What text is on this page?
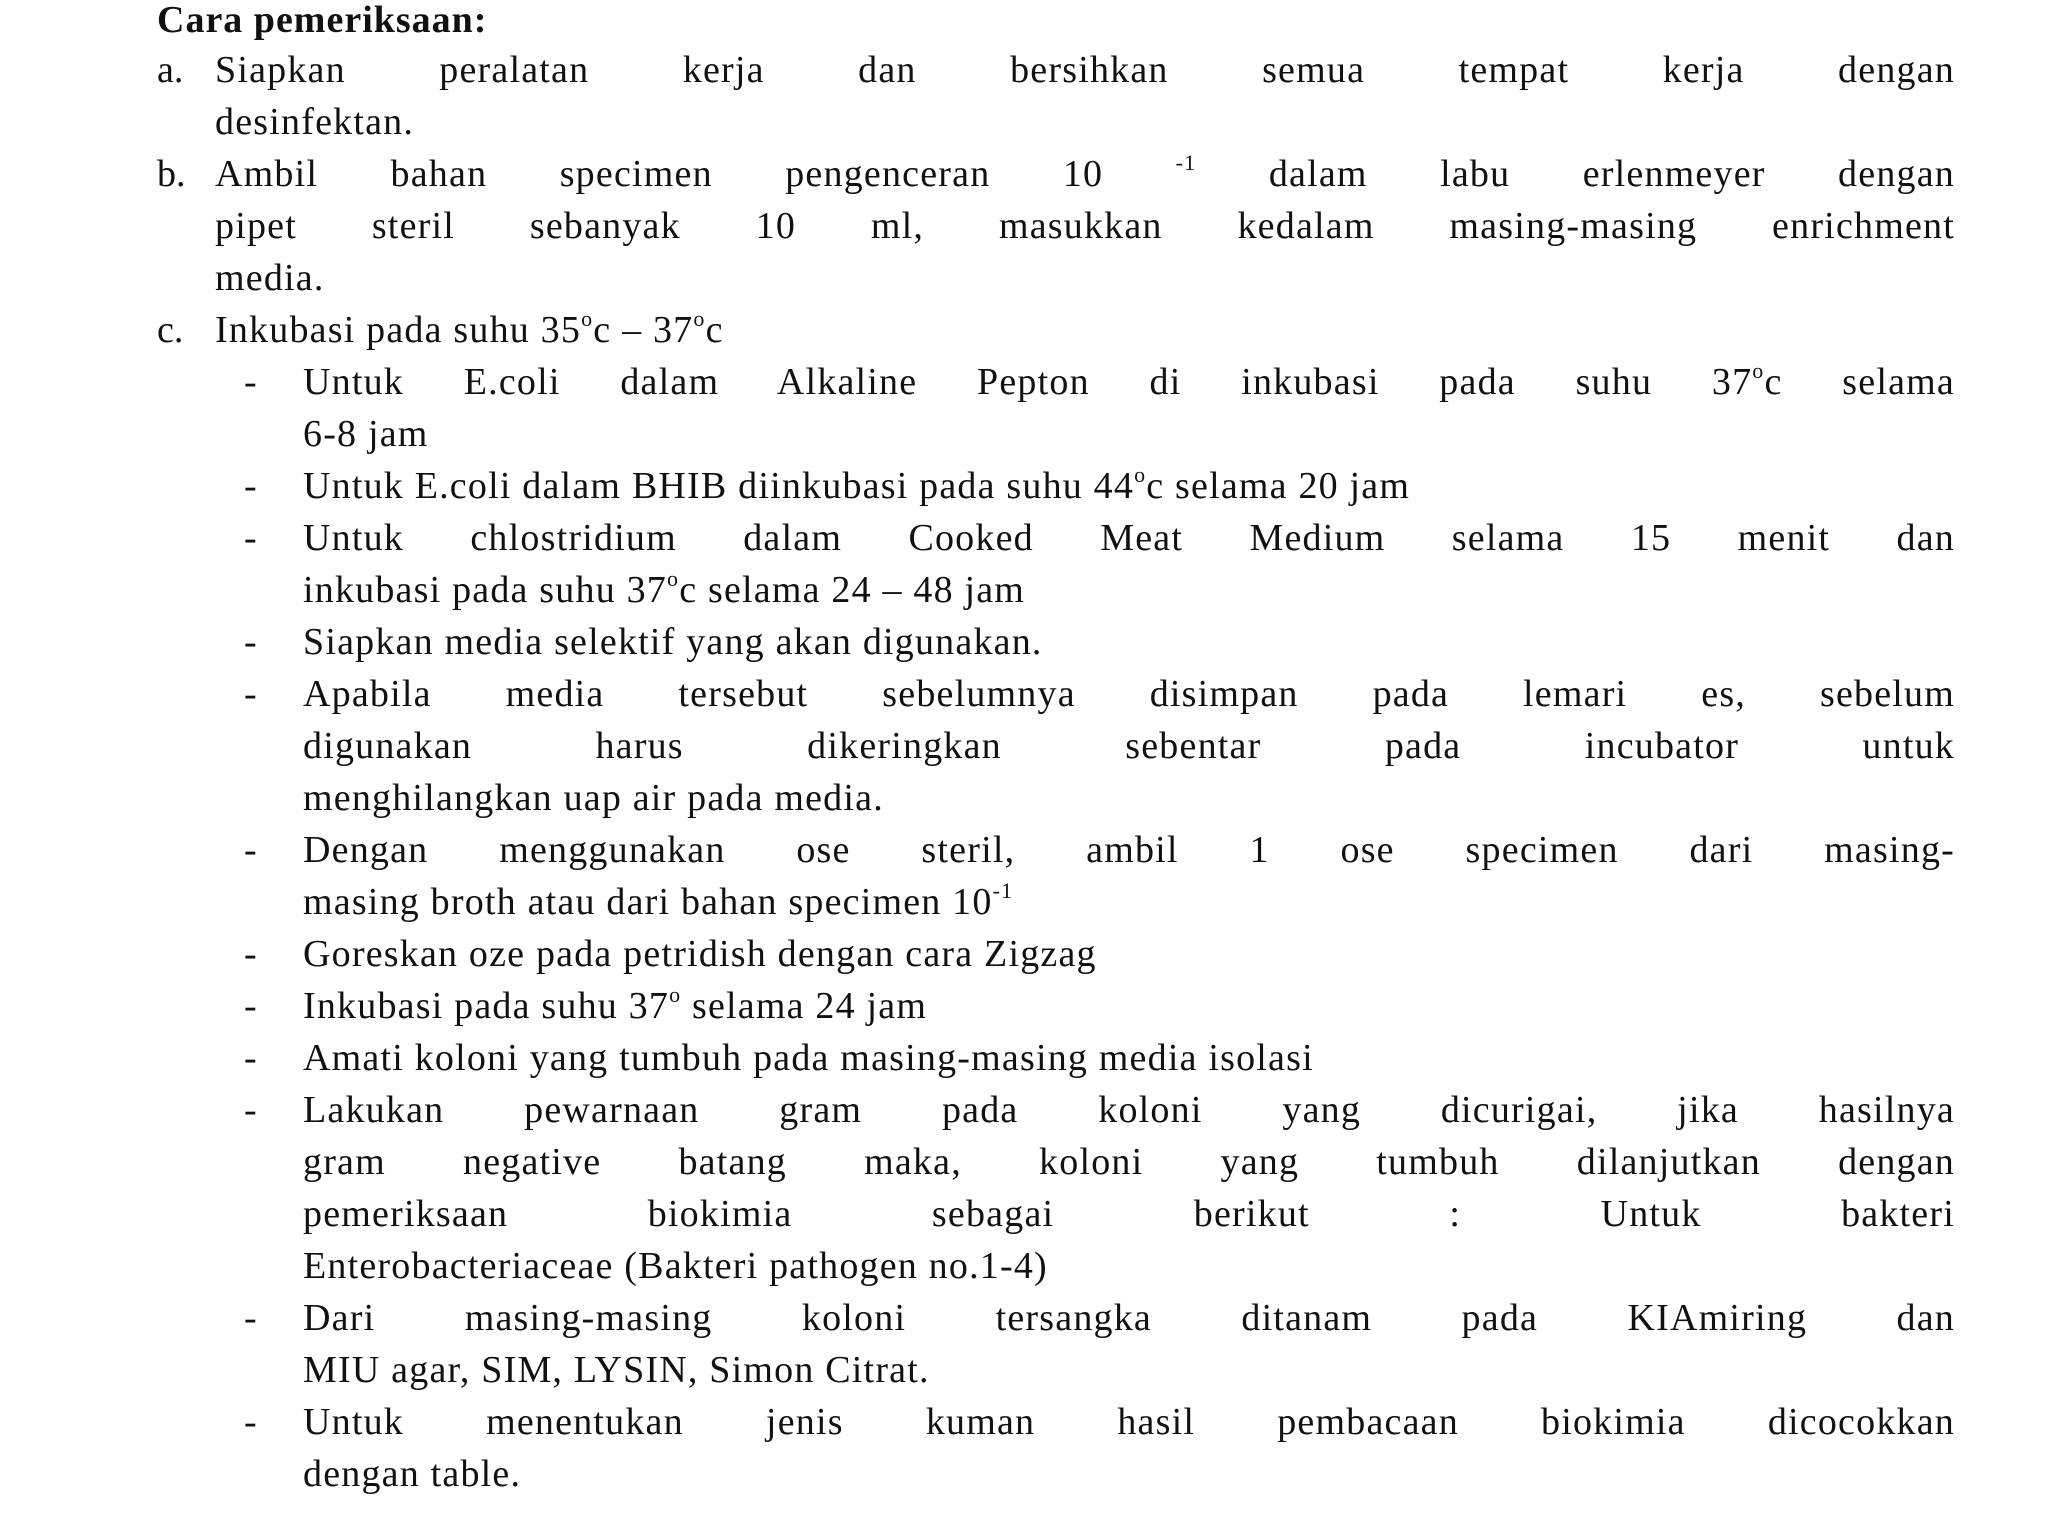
Cara pemeriksaan:
a. Siapkan peralatan kerja dan bersihkan semua tempat kerja dengan
desinfektan.
b. Ambil bahan specimen pengenceran 10 $^{-1}$ dalam labu erlenmeyer dengan
pipet steril sebanyak 10 ml, masukkan kedalam masing-masing enrichment
media.
c. Inkubasi pada suhu 35$^o$c – 37$^o$c
- Untuk E.coli dalam Alkaline Pepton di inkubasi pada suhu 37$^o$c selama
6-8 jam
- Untuk E.coli dalam BHIB diinkubasi pada suhu 44$^o$c selama 20 jam
- Untuk chlostridium dalam Cooked Meat Medium selama 15 menit dan
inkubasi pada suhu 37$^o$c selama 24 – 48 jam
- Siapkan media selektif yang akan digunakan.
- Apabila media tersebut sebelumnya disimpan pada lemari es, sebelum
digunakan harus dikeringkan sebentar pada incubator untuk
menghilangkan uap air pada media.
- Dengan menggunakan ose steril, ambil 1 ose specimen dari masing-
masing broth atau dari bahan specimen $10^{-1}$
- Goreskan oze pada petridish dengan cara Zigzag
- Inkubasi pada suhu 37$^o$ selama 24 jam
- Amati koloni yang tumbuh pada masing-masing media isolasi
- Lakukan pewarnaan gram pada koloni yang dicurigai, jika hasilnya
gram negative batang maka, koloni yang tumbuh dilanjutkan dengan
pemeriksaan biokimia sebagai berikut : Untuk bakteri
Enterobacteriaceae (Bakteri pathogen no.1-4)
- Dari masing-masing koloni tersangka ditanam pada KIAmiring dan
MIU agar, SIM, LYSIN, Simon Citrat.
- Untuk menentukan jenis kuman hasil pembacaan biokimia dicocokkan
dengan table.
